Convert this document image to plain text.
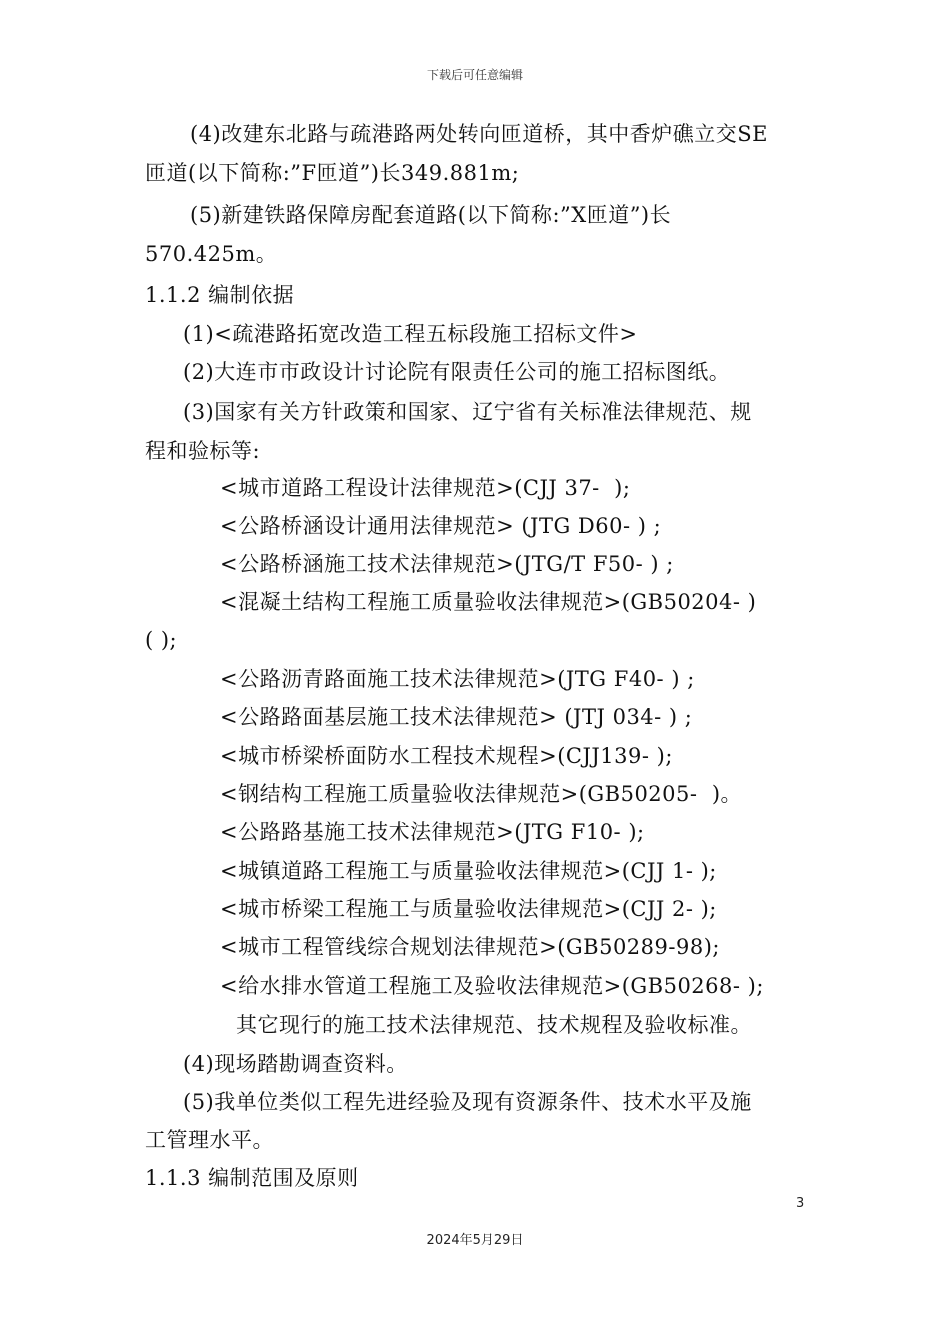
下载后可任意编辑
(4)改建东北路与疏港路两处转向匝道桥，其中香炉礁立交SE
匝道(以下简称:”F匝道”)长349.881m;
(5)新建铁路保障房配套道路(以下简称:”X匝道”)长
570.425m。
1.1.2 编制依据
(1)<疏港路拓宽改造工程五标段施工招标文件>
(2)大连市市政设计讨论院有限责任公司的施工招标图纸。
(3)国家有关方针政策和国家、辽宁省有关标准法律规范、规
程和验标等:
<城市道路工程设计法律规范>(CJJ 37-  );
<公路桥涵设计通用法律规范> (JTG D60- ) ;
<公路桥涵施工技术法律规范>(JTG/T F50- ) ;
<混凝土结构工程施工质量验收法律规范>(GB50204- )
( );
<公路沥青路面施工技术法律规范>(JTG F40- ) ;
<公路路面基层施工技术法律规范> (JTJ 034- ) ;
<城市桥梁桥面防水工程技术规程>(CJJ139- );
<钢结构工程施工质量验收法律规范>(GB50205-  )。
<公路路基施工技术法律规范>(JTG F10- );
<城镇道路工程施工与质量验收法律规范>(CJJ 1- );
<城市桥梁工程施工与质量验收法律规范>(CJJ 2- );
<城市工程管线综合规划法律规范>(GB50289-98);
<给水排水管道工程施工及验收法律规范>(GB50268- );
其它现行的施工技术法律规范、技术规程及验收标准。
(4)现场踏勘调查资料。
(5)我单位类似工程先进经验及现有资源条件、技术水平及施
工管理水平。
1.1.3 编制范围及原则
3
2024年5月29日
